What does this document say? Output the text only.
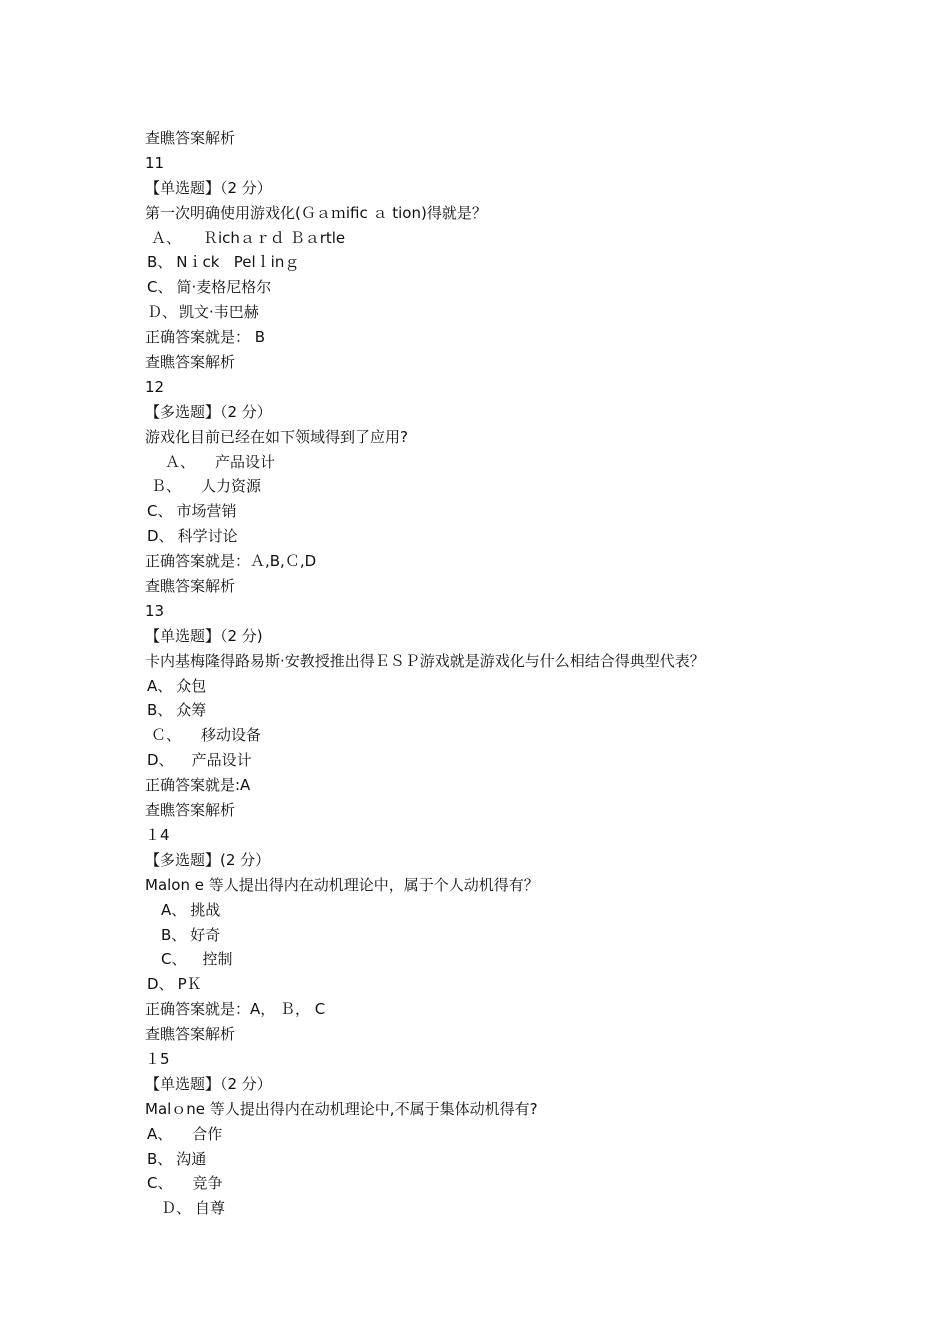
查瞧答案解析
11
【单选题】（2 分）
第一次明确使用游戏化(Ｇａｍific ａ tion)得就是？
Ａ、 Ｒichａｒｄ Ｂａrtle
B、 Nｉck   Pelｌinｇ
C、 简·麦格尼格尔
Ｄ、 凯文·韦巴赫
正确答案就是： B
查瞧答案解析
12
【多选题】（2 分）
游戏化目前已经在如下领域得到了应用?
Ａ、 产品设计
Ｂ、 人力资源
C、 市场营销
D、 科学讨论
正确答案就是：Ａ,B,Ｃ,D
查瞧答案解析
13
【单选题】（2 分)
卡内基梅隆得路易斯·安教授推出得ＥＳＰ游戏就是游戏化与什么相结合得典型代表？
A、 众包
B、 众筹
Ｃ、 移动设备
D、 产品设计
正确答案就是:A
查瞧答案解析
１4
【多选题】(2 分）
Malon e 等人提出得内在动机理论中，属于个人动机得有？
A、 挑战
B、 好奇
C、 控制
D、 PＫ
正确答案就是：A， Ｂ， C
查瞧答案解析
１5
【单选题】（2 分）
Malｏne 等人提出得内在动机理论中,不属于集体动机得有?
A、 合作
B、 沟通
C、 竞争
Ｄ、 自尊
